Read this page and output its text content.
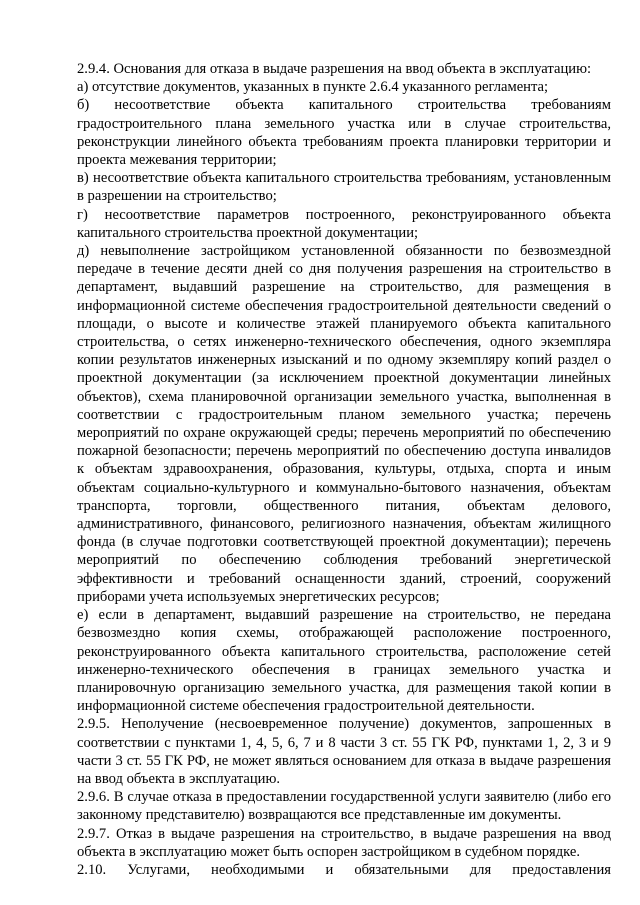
2.9.4. Основания для отказа в выдаче разрешения на ввод объекта в эксплуатацию:

а) отсутствие документов, указанных в пункте 2.6.4 указанного регламента;

б) несоответствие объекта капитального строительства требованиям градостроительного плана земельного участка или в случае строительства, реконструкции линейного объекта требованиям проекта планировки территории и проекта межевания территории;

в) несоответствие объекта капитального строительства требованиям, установленным в разрешении на строительство;

г) несоответствие параметров построенного, реконструированного объекта капитального строительства проектной документации;

д) невыполнение застройщиком установленной обязанности по безвозмездной передаче в течение десяти дней со дня получения разрешения на строительство в департамент, выдавший разрешение на строительство, для размещения в информационной системе обеспечения градостроительной деятельности сведений о площади, о высоте и количестве этажей планируемого объекта капитального строительства, о сетях инженерно-технического обеспечения, одного экземпляра копии результатов инженерных изысканий и по одному экземпляру копий раздел о проектной документации (за исключением проектной документации линейных объектов), схема планировочной организации земельного участка, выполненная в соответствии с градостроительным планом земельного участка; перечень мероприятий по охране окружающей среды; перечень мероприятий по обеспечению пожарной безопасности; перечень мероприятий по обеспечению доступа инвалидов к объектам здравоохранения, образования, культуры, отдыха, спорта и иным объектам социально-культурного и коммунально-бытового назначения, объектам транспорта, торговли, общественного питания, объектам делового, административного, финансового, религиозного назначения, объектам жилищного фонда (в случае подготовки соответствующей проектной документации); перечень мероприятий по обеспечению соблюдения требований энергетической эффективности и требований оснащенности зданий, строений, сооружений приборами учета используемых энергетических ресурсов;

е) если в департамент, выдавший разрешение на строительство, не передана безвозмездно копия схемы, отображающей расположение построенного, реконструированного объекта капитального строительства, расположение сетей инженерно-технического обеспечения в границах земельного участка и планировочную организацию земельного участка, для размещения такой копии в информационной системе обеспечения градостроительной деятельности.

2.9.5. Неполучение (несвоевременное получение) документов, запрошенных в соответствии с пунктами 1, 4, 5, 6, 7 и 8 части 3 ст. 55 ГК РФ, пунктами 1, 2, 3 и 9 части 3 ст. 55 ГК РФ, не может являться основанием для отказа в выдаче разрешения на ввод объекта в эксплуатацию.

2.9.6. В случае отказа в предоставлении государственной услуги заявителю (либо его законному представителю) возвращаются все представленные им документы.

2.9.7. Отказ в выдаче разрешения на строительство, в выдаче разрешения на ввод объекта в эксплуатацию может быть оспорен застройщиком в судебном порядке.

2.10. Услугами, необходимыми и обязательными для предоставления
